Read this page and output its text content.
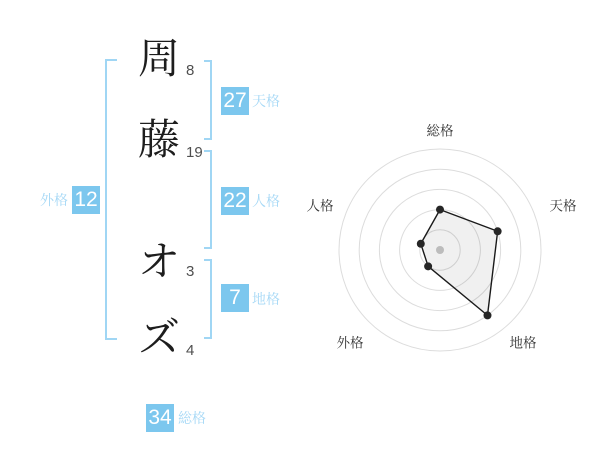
周 8
藤 19
オ 3
ズ 4
27 天格
22 人格
7 地格
外格 12
34 総格
総格
天格
地格
外格
人格
